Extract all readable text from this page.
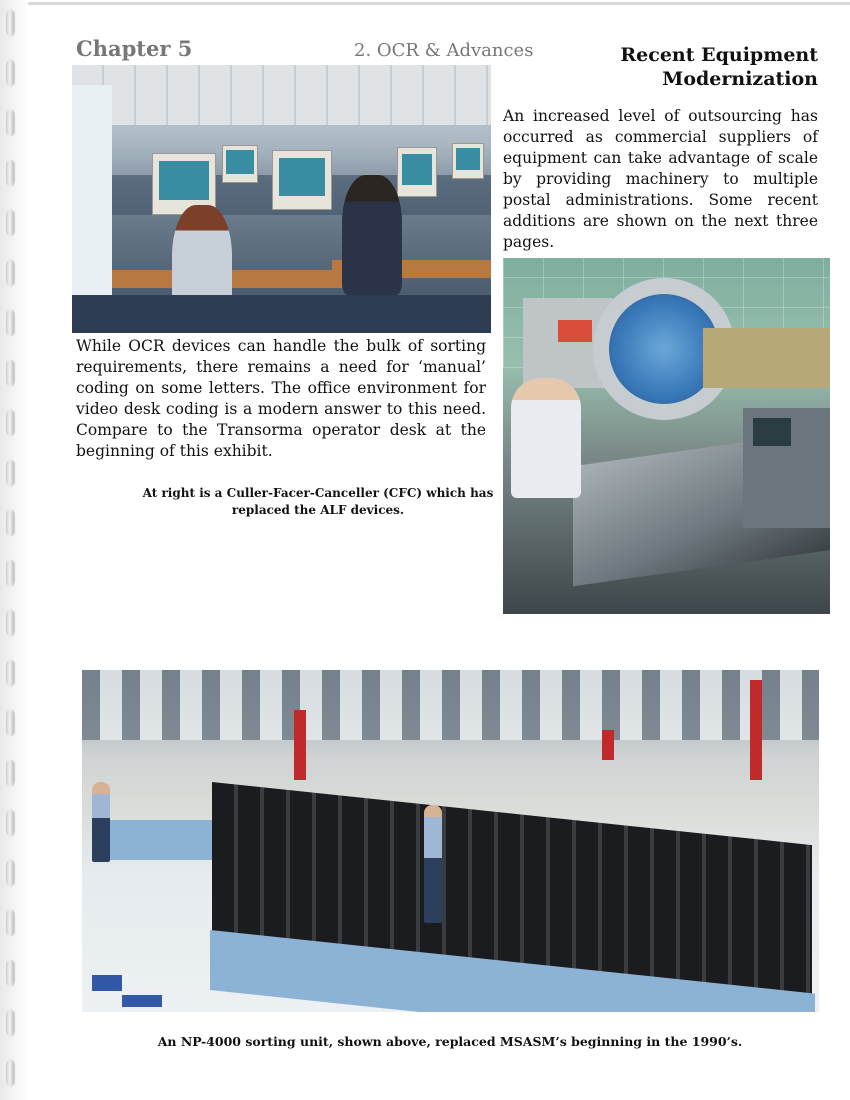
Chapter 5	2. OCR & Advances	Recent Equipment
Modernization
An increased level of outsourcing has occurred as commercial suppliers of equipment can take advantage of scale by providing machinery to multiple postal administrations. Some recent additions are shown on the next three pages.
While OCR devices can handle the bulk of sorting requirements, there remains a need for ‘manual’ coding on some letters. The office environment for video desk coding is a modern answer to this need. Compare to the Transorma operator desk at the beginning of this exhibit.
At right is a Culler-Facer-Canceller (CFC) which has replaced the ALF devices.
An NP-4000 sorting unit, shown above, replaced MSASM’s beginning in the 1990’s.
